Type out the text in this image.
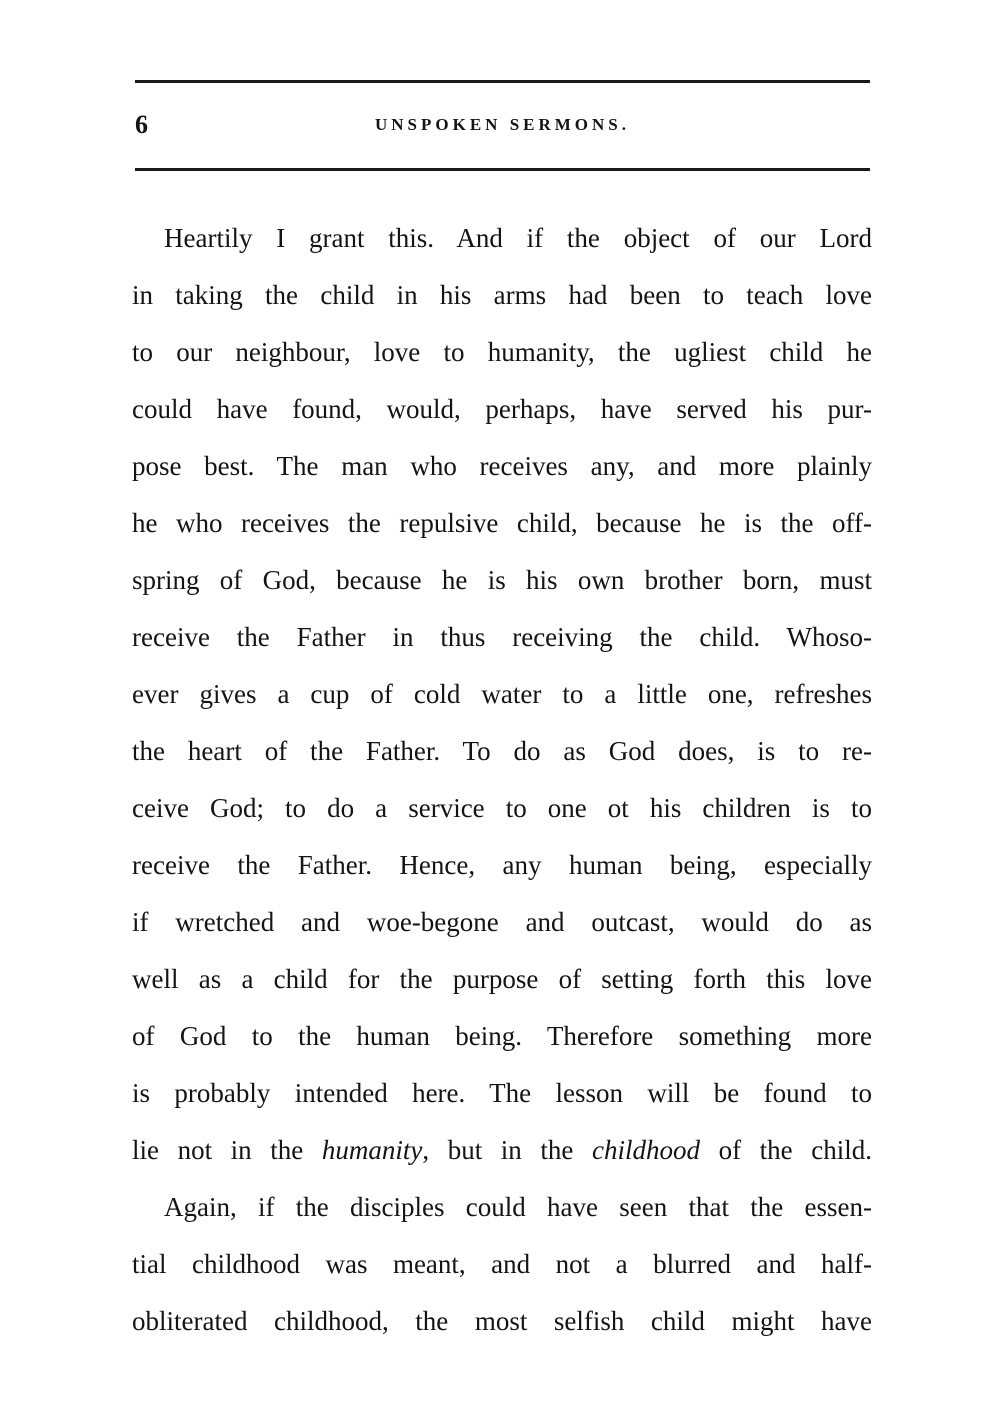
6	UNSPOKEN SERMONS.
Heartily I grant this. And if the object of our Lord
in taking the child in his arms had been to teach love
to our neighbour, love to humanity, the ugliest child he
could have found, would, perhaps, have served his pur-
pose best. The man who receives any, and more plainly
he who receives the repulsive child, because he is the off-
spring of God, because he is his own brother born, must
receive the Father in thus receiving the child. Whoso-
ever gives a cup of cold water to a little one, refreshes
the heart of the Father. To do as God does, is to re-
ceive God; to do a service to one ot his children is to
receive the Father. Hence, any human being, especially
if wretched and woe-begone and outcast, would do as
well as a child for the purpose of setting forth this love
of God to the human being. Therefore something more
is probably intended here. The lesson will be found to
lie not in the humanity, but in the childhood of the child.
Again, if the disciples could have seen that the essen-
tial childhood was meant, and not a blurred and half-
obliterated childhood, the most selfish child might have
